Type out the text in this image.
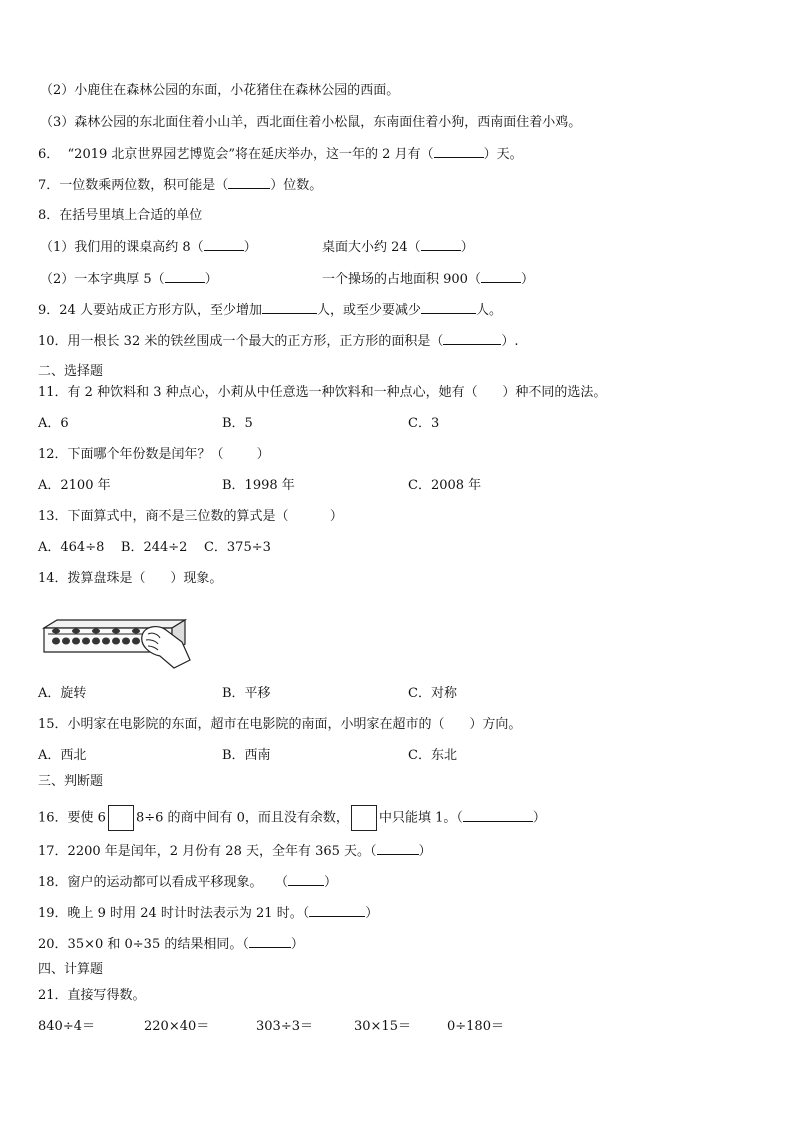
（2）小鹿住在森林公园的东面，小花猪住在森林公园的西面。
（3）森林公园的东北面住着小山羊，西北面住着小松鼠，东南面住着小狗，西南面住着小鸡。
6．  “2019 北京世界园艺博览会”将在延庆举办，这一年的 2 月有（	）天。
7．一位数乘两位数，积可能是（	）位数。
8．在括号里填上合适的单位
（1）我们用的课桌高约 8（	）	桌面大小约 24（	）
（2）一本字典厚 5（	）	一个操场的占地面积 900（	）
9．24 人要站成正方形方队，至少增加	人，或至少要减少	人。
10．用一根长 32 米的铁丝围成一个最大的正方形，正方形的面积是（	）.
二、选择题
11．有 2 种饮料和 3 种点心，小莉从中任意选一种饮料和一种点心，她有（      ）种不同的选法。
A．6	B．5	C．3
12．下面哪个年份数是闰年？（        ）
A．2100 年	B．1998 年	C．2008 年
13．下面算式中，商不是三位数的算式是（          ）
A．464÷8    B．244÷2    C．375÷3
14．拨算盘珠是（      ）现象。
A．旋转	B．平移	C．对称
15．小明家在电影院的东面，超市在电影院的南面，小明家在超市的（      ）方向。
A．西北	B．西南	C．东北
三、判断题
16．要使 6 8÷6 的商中间有 0，而且没有余数， 中只能填 1。（	）
17．2200 年是闰年，2 月份有 28 天，全年有 365 天。（	）
18．窗户的运动都可以看成平移现象。   （	）
19．晚上 9 时用 24 时计时法表示为 21 时。（	）
20．35×0 和 0÷35 的结果相同。（	）
四、计算题
21．直接写得数。
840÷4＝	220×40＝	303÷3＝	30×15＝	0÷180＝
